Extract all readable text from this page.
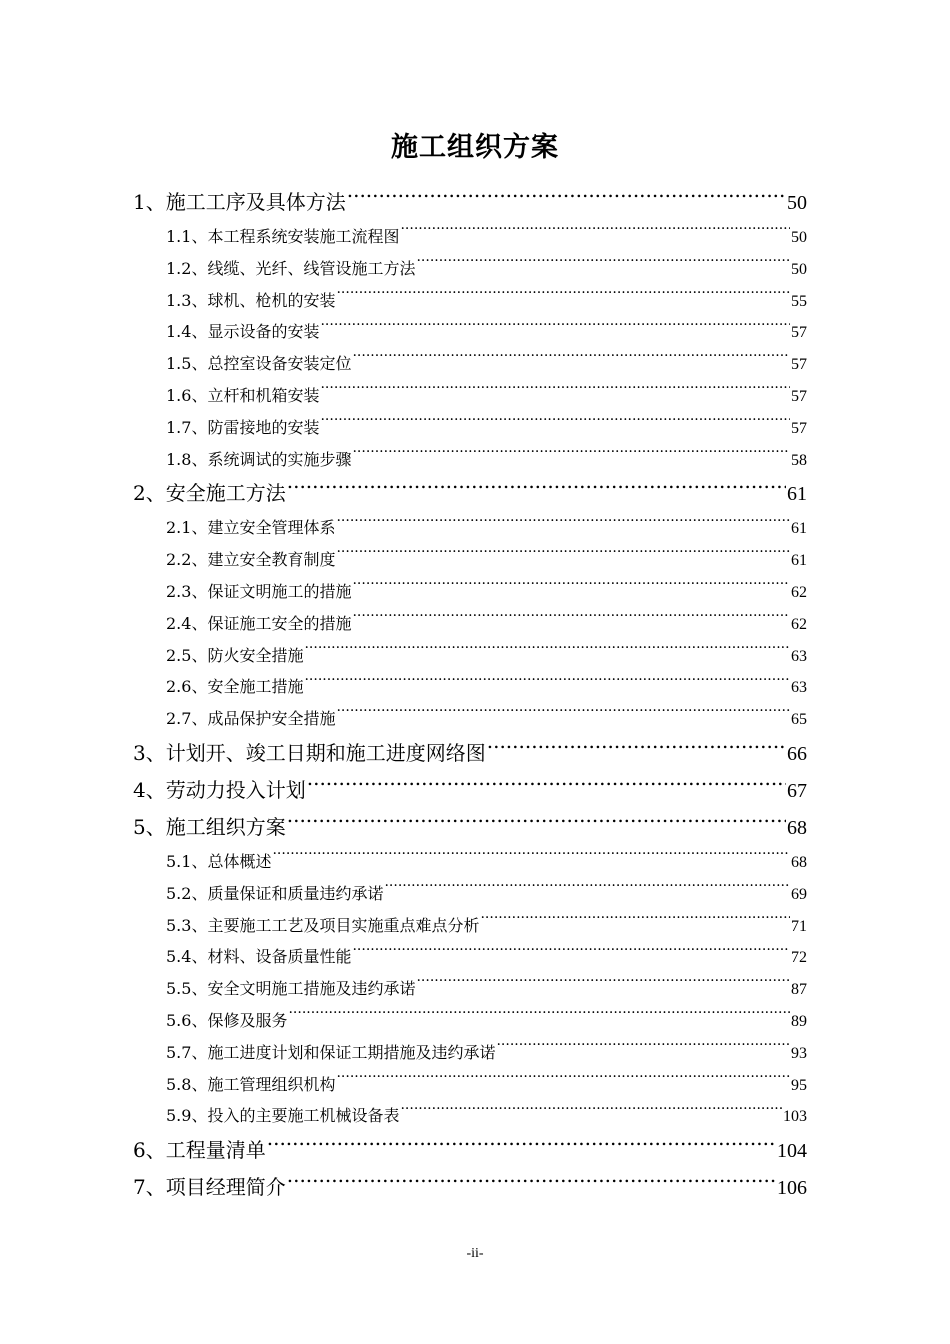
施工组织方案
1、 施工工序及具体方法 .....	50
1.1、 本工程系统安装施工流程图 .....	50
1.2、 线缆、光纤、线管设施工方法 .....	50
1.3、 球机、枪机的安装 .....	55
1.4、 显示设备的安装 .....	57
1.5、 总控室设备安装定位 .....	57
1.6、 立杆和机箱安装 .....	57
1.7、 防雷接地的安装 .....	57
1.8、 系统调试的实施步骤 .....	58
2、 安全施工方法 .....	61
2.1、 建立安全管理体系 .....	61
2.2、 建立安全教育制度 .....	61
2.3、 保证文明施工的措施 .....	62
2.4、 保证施工安全的措施 .....	62
2.5、 防火安全措施 .....	63
2.6、 安全施工措施 .....	63
2.7、 成品保护安全措施 .....	65
3、 计划开、竣工日期和施工进度网络图 .....	66
4、 劳动力投入计划 .....	67
5、 施工组织方案 .....	68
5.1、 总体概述 .....	68
5.2、 质量保证和质量违约承诺 .....	69
5.3、 主要施工工艺及项目实施重点难点分析 .....	71
5.4、 材料、设备质量性能 .....	72
5.5、 安全文明施工措施及违约承诺 .....	87
5.6、 保修及服务 .....	89
5.7、 施工进度计划和保证工期措施及违约承诺 .....	93
5.8、 施工管理组织机构 .....	95
5.9、 投入的主要施工机械设备表 .....	103
6、 工程量清单 .....	104
7、 项目经理简介 .....	106
-ii-
